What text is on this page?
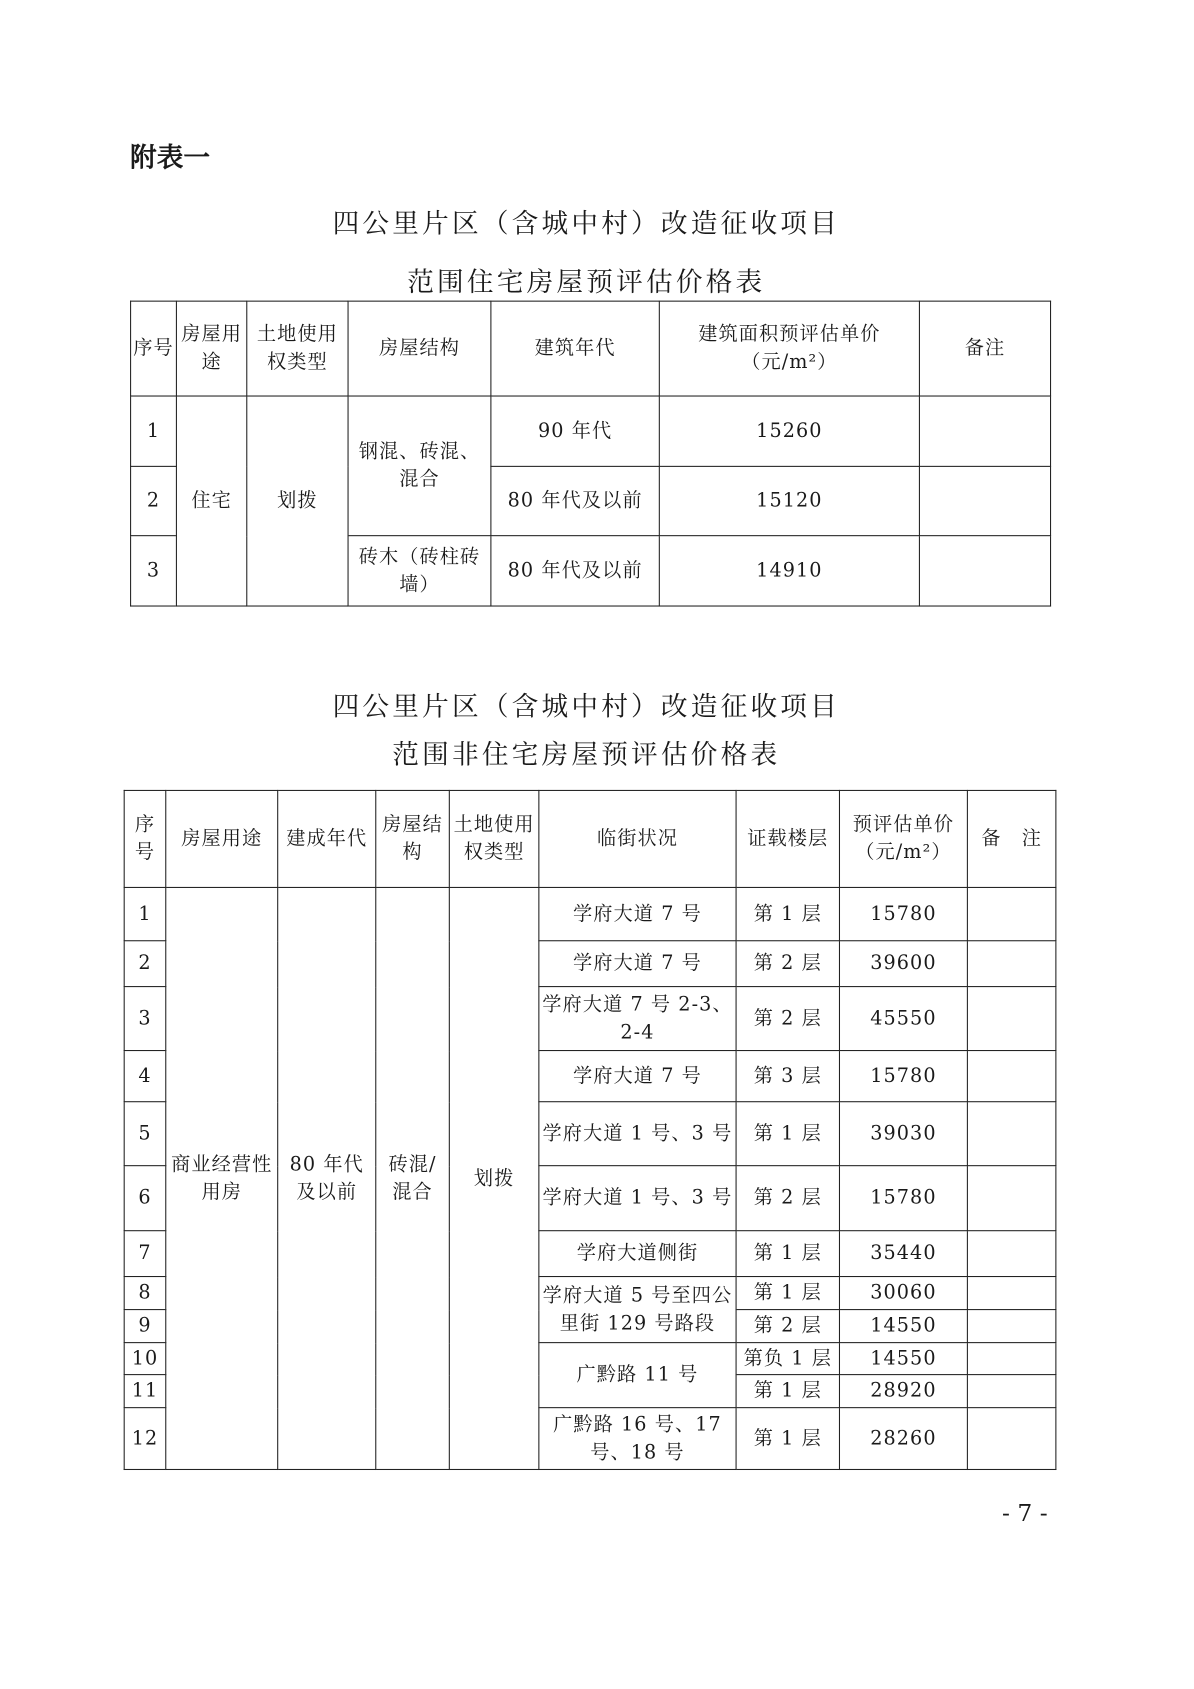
附表一
四公里片区（含城中村）改造征收项目
范围住宅房屋预评估价格表
序号	房屋用途	土地使用权类型	房屋结构	建筑年代	建筑面积预评估单价（元/m²）	备注
1	住宅	划拨	钢混、砖混、混合	90 年代	15260	
2				80 年代及以前	15120	
3			砖木（砖柱砖墙）	80 年代及以前	14910	
四公里片区（含城中村）改造征收项目
范围非住宅房屋预评估价格表
序号	房屋用途	建成年代	房屋结构	土地使用权类型	临街状况	证载楼层	预评估单价（元/m²）	备　注
1	商业经营性用房	80 年代及以前	砖混/混合	划拨	学府大道 7 号	第 1 层	15780	
2					学府大道 7 号	第 2 层	39600	
3					学府大道 7 号 2-3、2-4	第 2 层	45550	
4					学府大道 7 号	第 3 层	15780	
5					学府大道 1 号、3 号	第 1 层	39030	
6					学府大道 1 号、3 号	第 2 层	15780	
7					学府大道侧街	第 1 层	35440	
8					学府大道 5 号至四公里街 129 号路段	第 1 层	30060	
9						第 2 层	14550	
10					广黔路 11 号	第负 1 层	14550	
11						第 1 层	28920	
12					广黔路 16 号、17 号、18 号	第 1 层	28260	
- 7 -
